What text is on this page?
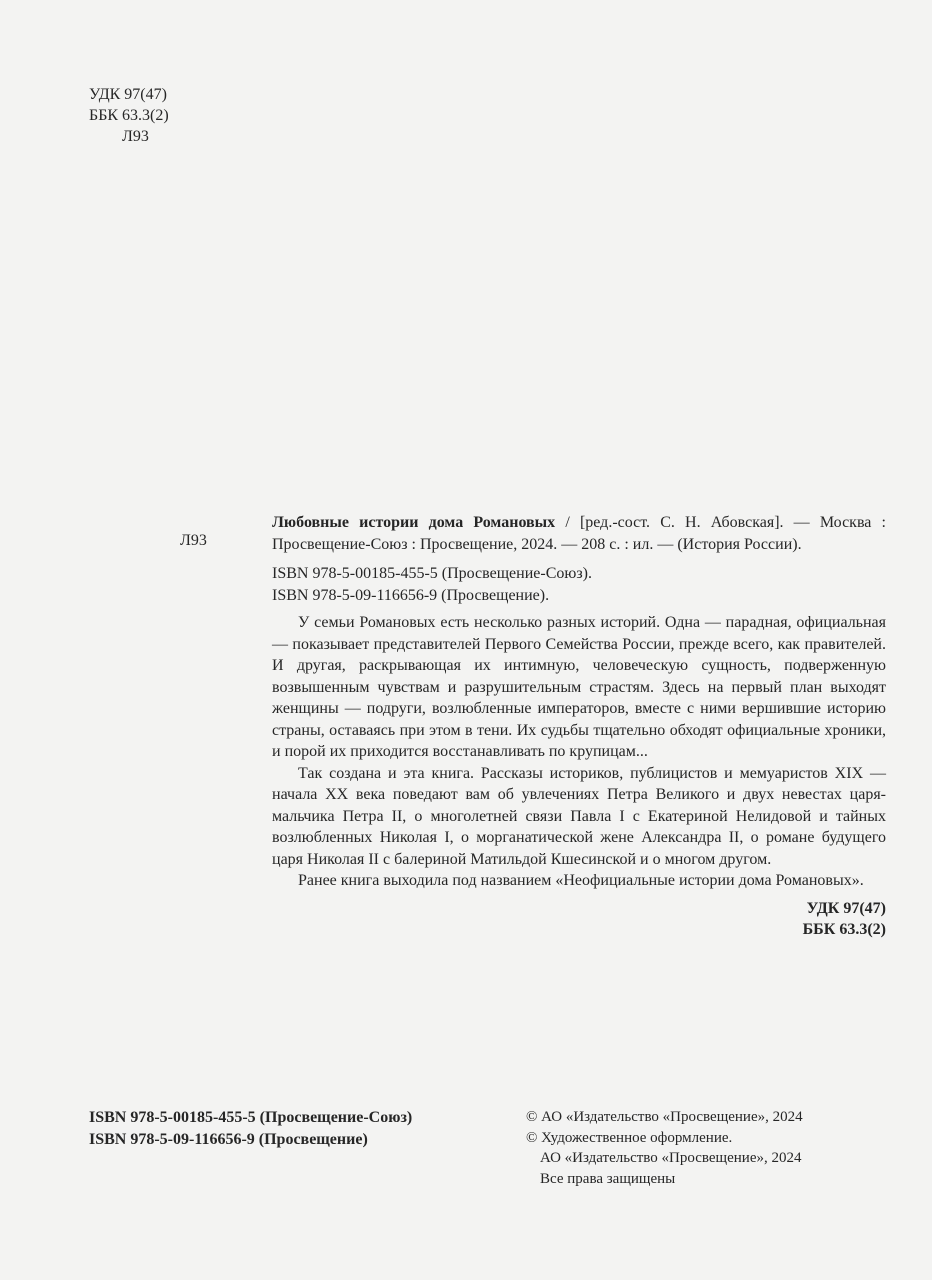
УДК 97(47)
ББК 63.3(2)
Л93
Л93

Любовные истории дома Романовых / [ред.-сост. С. Н. Абовская]. — Москва : Просвещение-Союз : Просвещение, 2024. — 208 с. : ил. — (История России).

ISBN 978-5-00185-455-5 (Просвещение-Союз).
ISBN 978-5-09-116656-9 (Просвещение).

У семьи Романовых есть несколько разных историй. Одна — парадная, официальная — показывает представителей Первого Семейства России, прежде всего, как правителей. И другая, раскрывающая их интимную, человеческую сущность, подверженную возвышенным чувствам и разрушительным страстям. Здесь на первый план выходят женщины — подруги, возлюбленные императоров, вместе с ними вершившие историю страны, оставаясь при этом в тени. Их судьбы тщательно обходят официальные хроники, и порой их приходится восстанавливать по крупицам...

Так создана и эта книга. Рассказы историков, публицистов и мемуаристов XIX — начала XX века поведают вам об увлечениях Петра Великого и двух невестах царя-мальчика Петра II, о многолетней связи Павла I с Екатериной Нелидовой и тайных возлюбленных Николая I, о морганатической жене Александра II, о романе будущего царя Николая II с балериной Матильдой Кшесинской и о многом другом.

Ранее книга выходила под названием «Неофициальные истории дома Романовых».

УДК 97(47)
ББК 63.3(2)
ISBN 978-5-00185-455-5 (Просвещение-Союз)
ISBN 978-5-09-116656-9 (Просвещение)
© АО «Издательство «Просвещение», 2024
© Художественное оформление.
АО «Издательство «Просвещение», 2024
Все права защищены
